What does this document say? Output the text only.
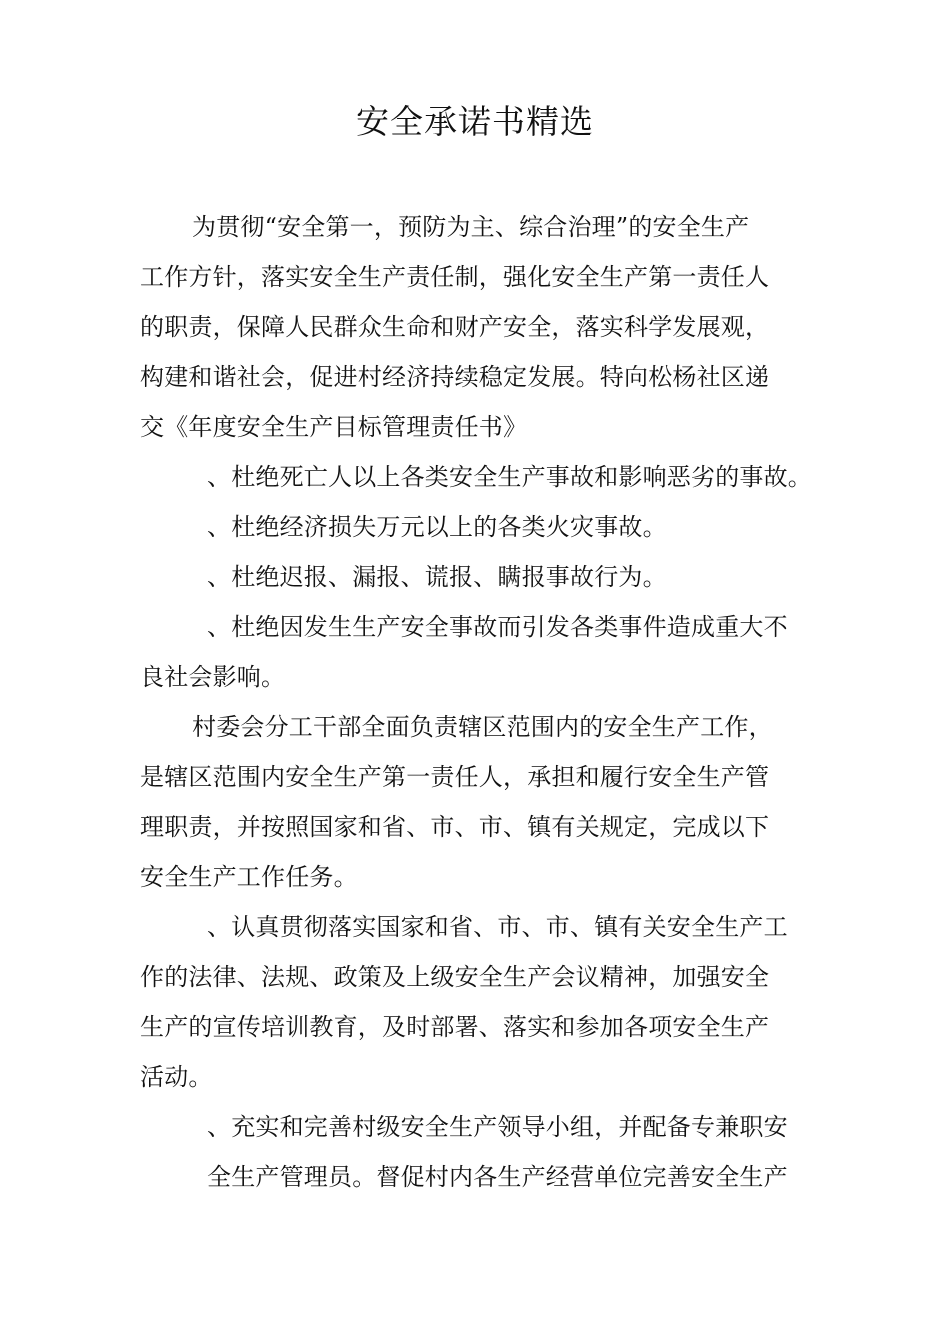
安全承诺书精选
为贯彻“安全第一，预防为主、综合治理”的安全生产
工作方针，落实安全生产责任制，强化安全生产第一责任人
的职责，保障人民群众生命和财产安全，落实科学发展观，
构建和谐社会，促进村经济持续稳定发展。特向松杨社区递
交《年度安全生产目标管理责任书》
、杜绝死亡人以上各类安全生产事故和影响恶劣的事故。
、杜绝经济损失万元以上的各类火灾事故。
、杜绝迟报、漏报、谎报、瞒报事故行为。
、杜绝因发生生产安全事故而引发各类事件造成重大不
良社会影响。
村委会分工干部全面负责辖区范围内的安全生产工作，
是辖区范围内安全生产第一责任人，承担和履行安全生产管
理职责，并按照国家和省、市、市、镇有关规定，完成以下
安全生产工作任务。
、认真贯彻落实国家和省、市、市、镇有关安全生产工
作的法律、法规、政策及上级安全生产会议精神，加强安全
生产的宣传培训教育，及时部署、落实和参加各项安全生产
活动。
、充实和完善村级安全生产领导小组，并配备专兼职安
全生产管理员。督促村内各生产经营单位完善安全生产
